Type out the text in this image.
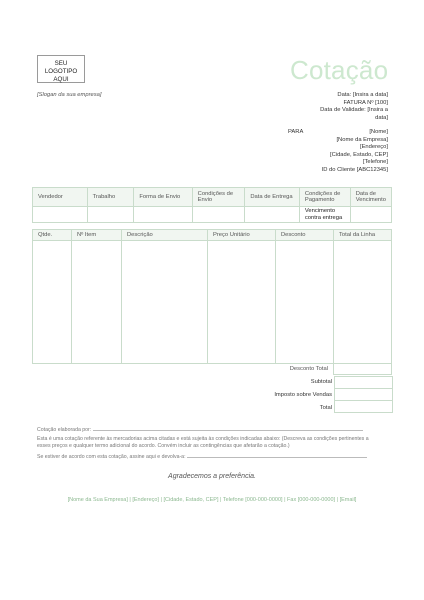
SEU LOGOTIPO
AQUI	Cotação
[Slogan da sua empresa]	Data: [Insira a data]
FATURA Nº [100]
Data de Validade: [Insira a
data]
PARA	[Nome]
[Nome da Empresa]
[Endereço]
[Cidade, Estado, CEP]
[Telefone]
ID do Cliente [ABC12345]
Vendedor	Trabalho	Forma de Envio	Condições de Envio	Data de Entrega	Condições de Pagamento	Data de Vencimento

					Vencimento
contra entrega	

Qtde.	Nº Item	Descrição	Preço Unitário	Desconto	Total da Linha

Desconto Total					
Subtotal
Imposto sobre Vendas
Total
Cotação elaborada por:
Esta é uma cotação referente às mercadorias acima citadas e está sujeita às condições indicadas abaixo: (Descreva as condições pertinentes a
esses preços e qualquer termo adicional do acordo. Convém incluir as contingências que afetarão a cotação.)
Se estiver de acordo com esta cotação, assine aqui e devolva-a:
Agradecemos a preferência.
[Nome da Sua Empresa] | [Endereço] | [Cidade, Estado, CEP] | Telefone [000-000-0000] | Fax [000-000-0000] | [Email]
